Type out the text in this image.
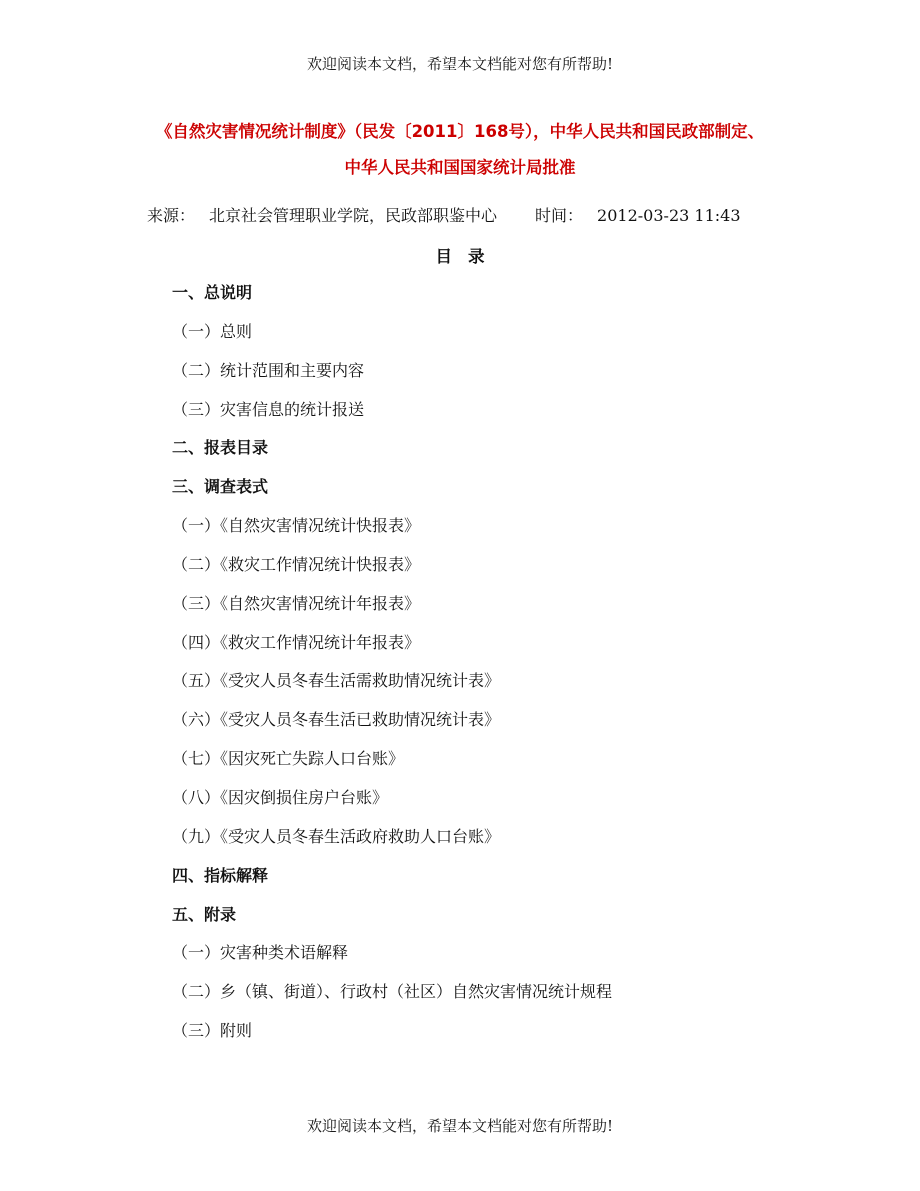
欢迎阅读本文档，希望本文档能对您有所帮助!
《自然灾害情况统计制度》（民发〔2011〕168号），中华人民共和国民政部制定、
中华人民共和国国家统计局批准
来源： 北京社会管理职业学院，民政部职鉴中心 时间： 2012-03-23 11:43
目录
一、总说明
（一）总则
（二）统计范围和主要内容
（三）灾害信息的统计报送
二、报表目录
三、调查表式
（一）《自然灾害情况统计快报表》
（二）《救灾工作情况统计快报表》
（三）《自然灾害情况统计年报表》
（四）《救灾工作情况统计年报表》
（五）《受灾人员冬春生活需救助情况统计表》
（六）《受灾人员冬春生活已救助情况统计表》
（七）《因灾死亡失踪人口台账》
（八）《因灾倒损住房户台账》
（九）《受灾人员冬春生活政府救助人口台账》
四、指标解释
五、附录
（一）灾害种类术语解释
（二）乡（镇、街道）、行政村（社区）自然灾害情况统计规程
（三）附则
欢迎阅读本文档，希望本文档能对您有所帮助!
